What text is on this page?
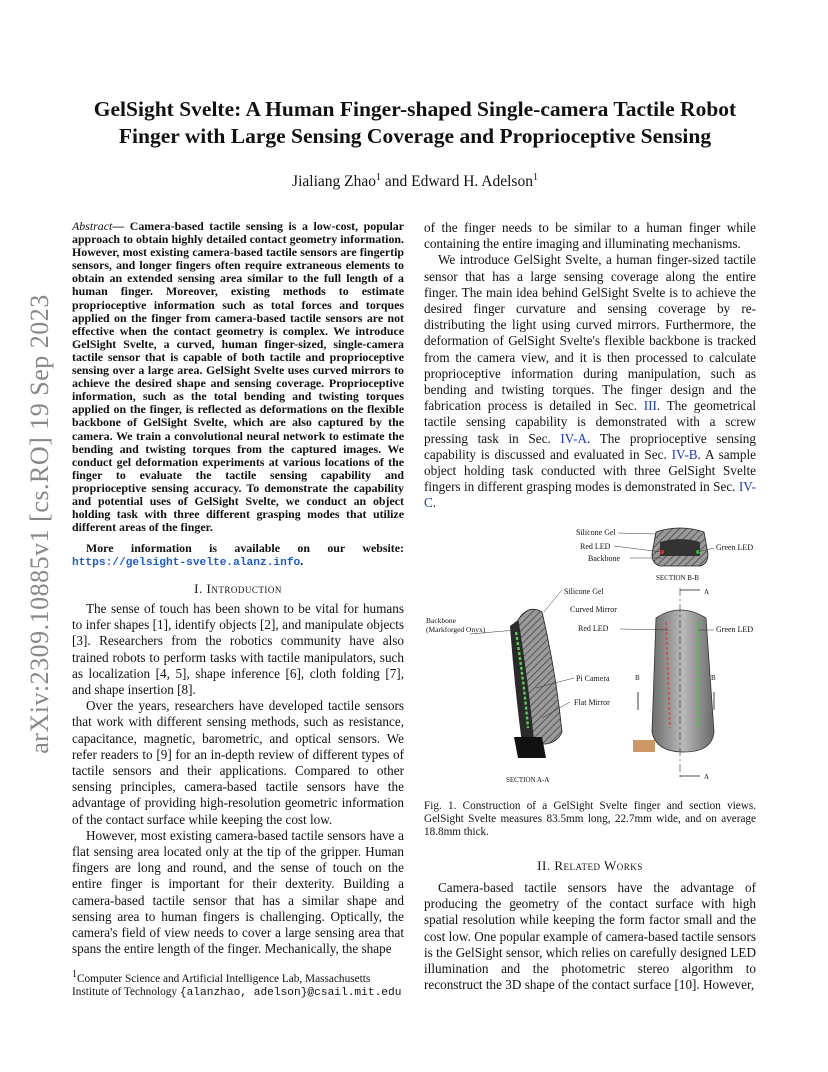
arXiv:2309.10885v1 [cs.RO] 19 Sep 2023
GelSight Svelte: A Human Finger-shaped Single-camera Tactile Robot
Finger with Large Sensing Coverage and Proprioceptive Sensing
Jialiang Zhao$^1$ and Edward H. Adelson$^1$
Abstract— Camera-based tactile sensing is a low-cost, popular approach to obtain highly detailed contact geometry information. However, most existing camera-based tactile sensors are fingertip sensors, and longer fingers often require extraneous elements to obtain an extended sensing area similar to the full length of a human finger. Moreover, existing methods to estimate proprioceptive information such as total forces and torques applied on the finger from camera-based tactile sensors are not effective when the contact geometry is complex. We introduce GelSight Svelte, a curved, human finger-sized, single-camera tactile sensor that is capable of both tactile and proprioceptive sensing over a large area. GelSight Svelte uses curved mirrors to achieve the desired shape and sensing coverage. Proprioceptive information, such as the total bending and twisting torques applied on the finger, is reflected as deformations on the flexible backbone of GelSight Svelte, which are also captured by the camera. We train a convolutional neural network to estimate the bending and twisting torques from the captured images. We conduct gel deformation experiments at various locations of the finger to evaluate the tactile sensing capability and proprioceptive sensing accuracy. To demonstrate the capability and potential uses of GelSight Svelte, we conduct an object holding task with three different grasping modes that utilize different areas of the finger.
More information is available on our website: https://gelsight-svelte.alanz.info.
I. Introduction

The sense of touch has been shown to be vital for humans to infer shapes [1], identify objects [2], and manipulate objects [3]. Researchers from the robotics community have also trained robots to perform tasks with tactile manipulators, such as localization [4, 5], shape inference [6], cloth folding [7], and shape insertion [8].

Over the years, researchers have developed tactile sensors that work with different sensing methods, such as resistance, capacitance, magnetic, barometric, and optical sensors. We refer readers to [9] for an in-depth review of different types of tactile sensors and their applications. Compared to other sensing principles, camera-based tactile sensors have the advantage of providing high-resolution geometric information of the contact surface while keeping the cost low.

However, most existing camera-based tactile sensors have a flat sensing area located only at the tip of the gripper. Human fingers are long and round, and the sense of touch on the entire finger is important for their dexterity. Building a camera-based tactile sensor that has a similar shape and sensing area to human fingers is challenging. Optically, the camera's field of view needs to cover a large sensing area that spans the entire length of the finger. Mechanically, the shape

$^1$Computer Science and Artificial Intelligence Lab, Massachusetts Institute of Technology {alanzhao, adelson}@csail.mit.edu

of the finger needs to be similar to a human finger while containing the entire imaging and illuminating mechanisms.

We introduce GelSight Svelte, a human finger-sized tactile sensor that has a large sensing coverage along the entire finger. The main idea behind GelSight Svelte is to achieve the desired finger curvature and sensing coverage by re-distributing the light using curved mirrors. Furthermore, the deformation of GelSight Svelte's flexible backbone is tracked from the camera view, and it is then processed to calculate proprioceptive information during manipulation, such as bending and twisting torques. The finger design and the fabrication process is detailed in Sec. III. The geometrical tactile sensing capability is demonstrated with a screw pressing task in Sec. IV-A. The proprioceptive sensing capability is discussed and evaluated in Sec. IV-B. A sample object holding task conducted with three GelSight Svelte fingers in different grasping modes is demonstrated in Sec. IV-C.

Silicone Gel
Red LED
Backbone
Green LED
SECTION B-B
Silicone Gel
Curved Mirror
Backbone
(Markforged Onyx)	Red LED
Pi Camera
Flat Mirror
SECTION A-A
A
A
B	B
Green LED
Fig. 1. Construction of a GelSight Svelte finger and section views. GelSight Svelte measures 83.5mm long, 22.7mm wide, and on average 18.8mm thick.
II. Related Works

Camera-based tactile sensors have the advantage of producing the geometry of the contact surface with high spatial resolution while keeping the form factor small and the cost low. One popular example of camera-based tactile sensors is the GelSight sensor, which relies on carefully designed LED illumination and the photometric stereo algorithm to reconstruct the 3D shape of the contact surface [10]. However,
